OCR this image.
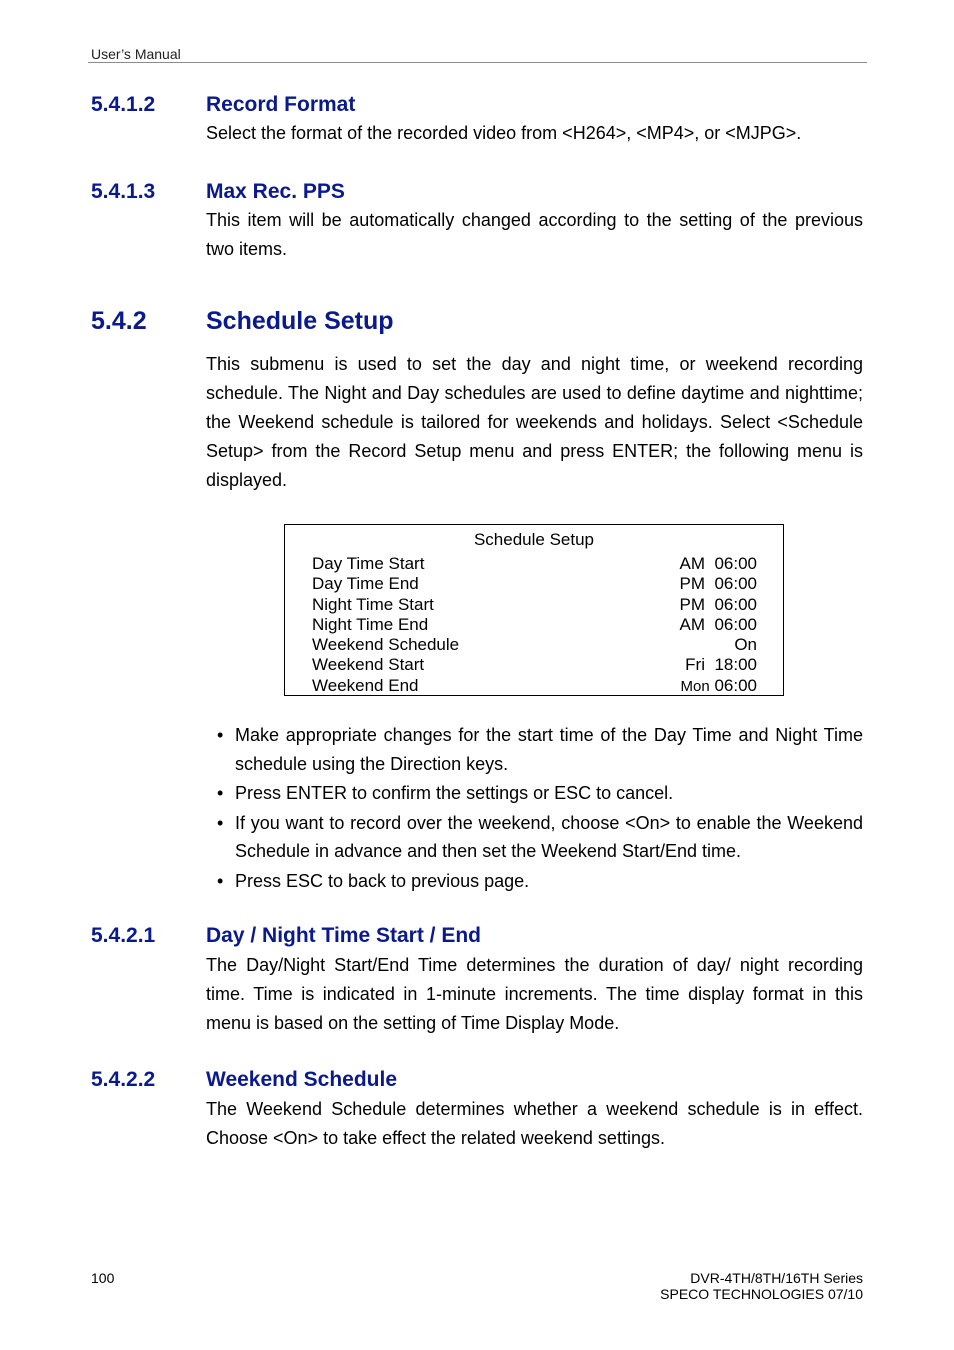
User’s Manual
5.4.1.2 Record Format
Select the format of the recorded video from <H264>, <MP4>, or <MJPG>.
5.4.1.3 Max Rec. PPS
This item will be automatically changed according to the setting of the previous two items.
5.4.2 Schedule Setup
This submenu is used to set the day and night time, or weekend recording schedule. The Night and Day schedules are used to define daytime and nighttime; the Weekend schedule is tailored for weekends and holidays. Select <Schedule Setup> from the Record Setup menu and press ENTER; the following menu is displayed.
Schedule Setup
Day Time Start	AM 06:00
Day Time End	PM 06:00
Night Time Start	PM 06:00
Night Time End	AM 06:00
Weekend Schedule	On
Weekend Start	Fri 18:00
Weekend End	Mon 06:00
• Make appropriate changes for the start time of the Day Time and Night Time schedule using the Direction keys.
• Press ENTER to confirm the settings or ESC to cancel.
• If you want to record over the weekend, choose <On> to enable the Weekend Schedule in advance and then set the Weekend Start/End time.
• Press ESC to back to previous page.
5.4.2.1 Day / Night Time Start / End
The Day/Night Start/End Time determines the duration of day/ night recording time. Time is indicated in 1-minute increments. The time display format in this menu is based on the setting of Time Display Mode.
5.4.2.2 Weekend Schedule
The Weekend Schedule determines whether a weekend schedule is in effect. Choose <On> to take effect the related weekend settings.
100	DVR-4TH/8TH/16TH Series
SPECO TECHNOLOGIES 07/10
